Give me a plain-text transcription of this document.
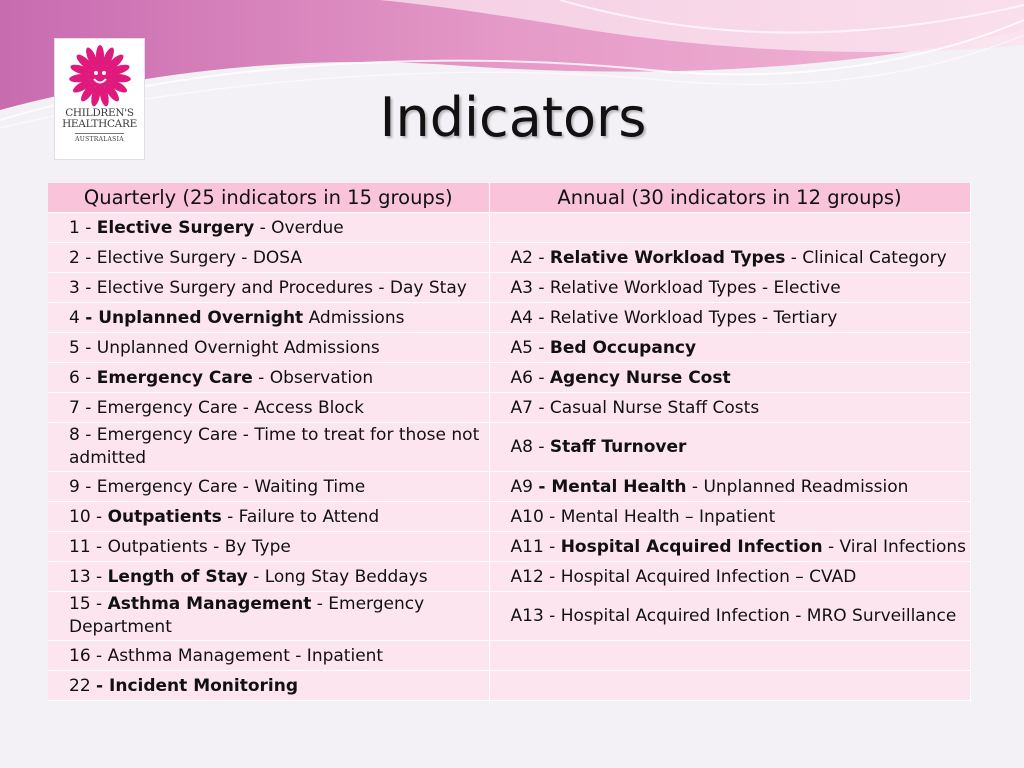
CHILDREN'S
HEALTHCARE
AUSTRALASIA	Indicators
Quarterly (25 indicators in 15 groups)	Annual (30 indicators in 12 groups)
1 - Elective Surgery - Overdue	
2 - Elective Surgery - DOSA	A2 - Relative Workload Types - Clinical Category
3 - Elective Surgery and Procedures - Day Stay	A3 - Relative Workload Types - Elective
4 - Unplanned Overnight Admissions	A4 - Relative Workload Types - Tertiary
5 - Unplanned Overnight Admissions	A5 - Bed Occupancy
6 - Emergency Care - Observation	A6 - Agency Nurse Cost
7 - Emergency Care - Access Block	A7 - Casual Nurse Staff Costs
8 - Emergency Care - Time to treat for those not admitted	A8 - Staff Turnover
9 - Emergency Care - Waiting Time	A9 - Mental Health - Unplanned Readmission
10 - Outpatients - Failure to Attend	A10 - Mental Health – Inpatient
11 - Outpatients - By Type	A11 - Hospital Acquired Infection - Viral Infections
13 - Length of Stay - Long Stay Beddays	A12 - Hospital Acquired Infection – CVAD
15 - Asthma Management - Emergency Department	A13 - Hospital Acquired Infection - MRO Surveillance
16 - Asthma Management - Inpatient	
22 - Incident Monitoring	
